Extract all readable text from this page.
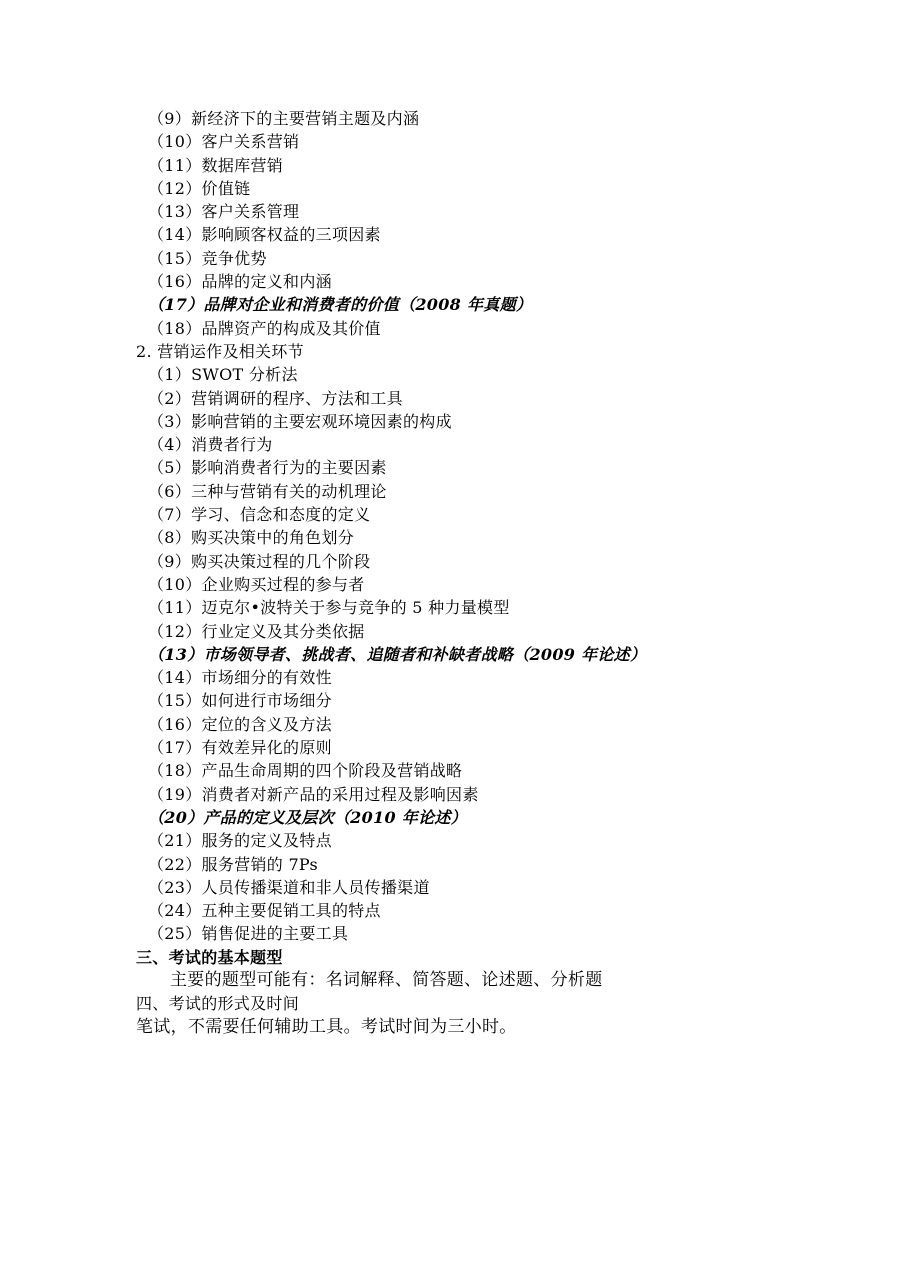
（9）新经济下的主要营销主题及内涵
（10）客户关系营销
（11）数据库营销
（12）价值链
（13）客户关系管理
（14）影响顾客权益的三项因素
（15）竞争优势
（16）品牌的定义和内涵
（17）品牌对企业和消费者的价值（2008 年真题）
（18）品牌资产的构成及其价值
2. 营销运作及相关环节
（1）SWOT 分析法
（2）营销调研的程序、方法和工具
（3）影响营销的主要宏观环境因素的构成
（4）消费者行为
（5）影响消费者行为的主要因素
（6）三种与营销有关的动机理论
（7）学习、信念和态度的定义
（8）购买决策中的角色划分
（9）购买决策过程的几个阶段
（10）企业购买过程的参与者
（11）迈克尔•波特关于参与竞争的 5 种力量模型
（12）行业定义及其分类依据
（13）市场领导者、挑战者、追随者和补缺者战略（2009 年论述）
（14）市场细分的有效性
（15）如何进行市场细分
（16）定位的含义及方法
（17）有效差异化的原则
（18）产品生命周期的四个阶段及营销战略
（19）消费者对新产品的采用过程及影响因素
（20）产品的定义及层次（2010 年论述）
（21）服务的定义及特点
（22）服务营销的 7Ps
（23）人员传播渠道和非人员传播渠道
（24）五种主要促销工具的特点
（25）销售促进的主要工具
三、考试的基本题型
主要的题型可能有：名词解释、简答题、论述题、分析题
四、考试的形式及时间
笔试，不需要任何辅助工具。考试时间为三小时。
